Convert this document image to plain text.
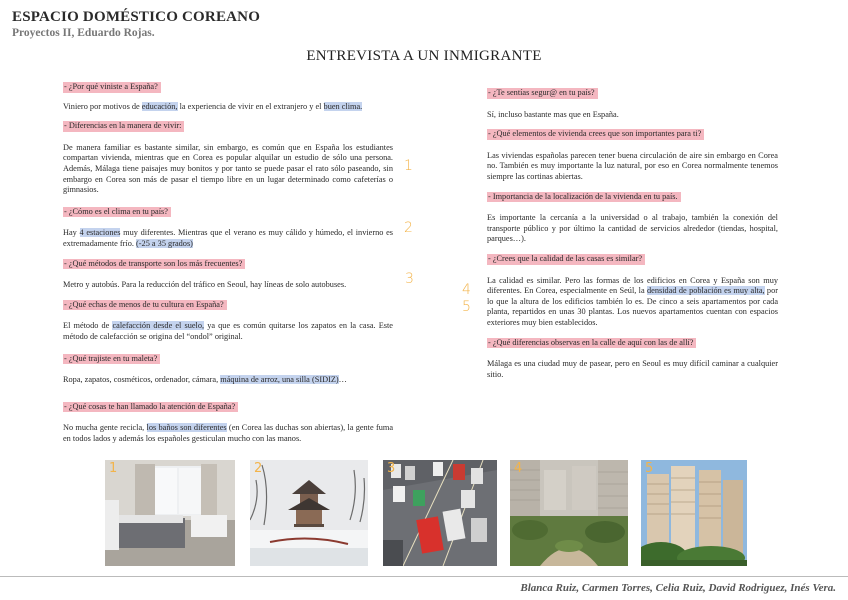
ESPACIO DOMÉSTICO COREANO
Proyectos II, Eduardo Rojas.
ENTREVISTA A UN INMIGRANTE
- ¿Por qué viniste a España?

Viniero por motivos de educación, la experiencia de vivir en el extranjero y el buen clima.

- Diferencias en la manera de vivir:

De manera familiar es bastante similar, sin embargo, es común que en España los estudiantes compartan vivienda, mientras que en Corea es popular alquilar un estudio de sólo una persona. Además, Málaga tiene paisajes muy bonitos y por tanto se puede pasar el rato sólo paseando, sin embargo en Corea son más de pasar el tiempo libre en un lugar determinado como cafeterías o gimnasios.

- ¿Cómo es el clima en tu país?

Hay 4 estaciones muy diferentes. Mientras que el verano es muy cálido y húmedo, el invierno es extremadamente frío. (-25 a 35 grados)

- ¿Qué métodos de transporte son los más frecuentes?

Metro y autobús. Para la reducción del tráfico en Seoul, hay líneas de solo autobuses.

- ¿Qué echas de menos de tu cultura en España?

El método de calefacción desde el suelo, ya que es común quitarse los zapatos en la casa. Este método de calefacción se origina del “ondol” original.

- ¿Qué trajiste en tu maleta?

Ropa, zapatos, cosméticos, ordenador, cámara, máquina de arroz, una silla (SIDIZ)…

- ¿Qué cosas te han llamado la atención de España?

No mucha gente recicla, los baños son diferentes (en Corea las duchas son abiertas), la gente fuma en todos lados y además los españoles gesticulan mucho con las manos.

- ¿Te sentías segur@ en tu país?

Sí, incluso bastante mas que en España.

- ¿Qué elementos de vivienda crees que son importantes para ti?

Las viviendas españolas parecen tener buena circulación de aire sin embargo en Corea no. También es muy importante la luz natural, por eso en Corea normalmente tenemos siempre las cortinas abiertas.

- Importancia de la localización de la vivienda en tu país.

Es importante la cercanía a la universidad o al trabajo, también la conexión del transporte público y por último la cantidad de servicios alrededor (tiendas, hospital, parques…).

- ¿Crees que la calidad de las casas es similar?

La calidad es similar. Pero las formas de los edificios en Corea y España son muy diferentes. En Corea, especialmente en Seúl, la densidad de población es muy alta, por lo que la altura de los edificios también lo es. De cinco a seis apartamentos por cada planta, repartidos en unas 30 plantas. Los nuevos apartamentos cuentan con espacios exteriores muy bien establecidos.

- ¿Qué diferencias observas en la calle de aquí con las de allí?

Málaga es una ciudad muy de pasear, pero en Seoul es muy difícil caminar a cualquier sitio.

1
2
3
4
5
1	2	3	4	5
Blanca Ruiz, Carmen Torres, Celia Ruiz, David Rodriguez, Inés Vera.
